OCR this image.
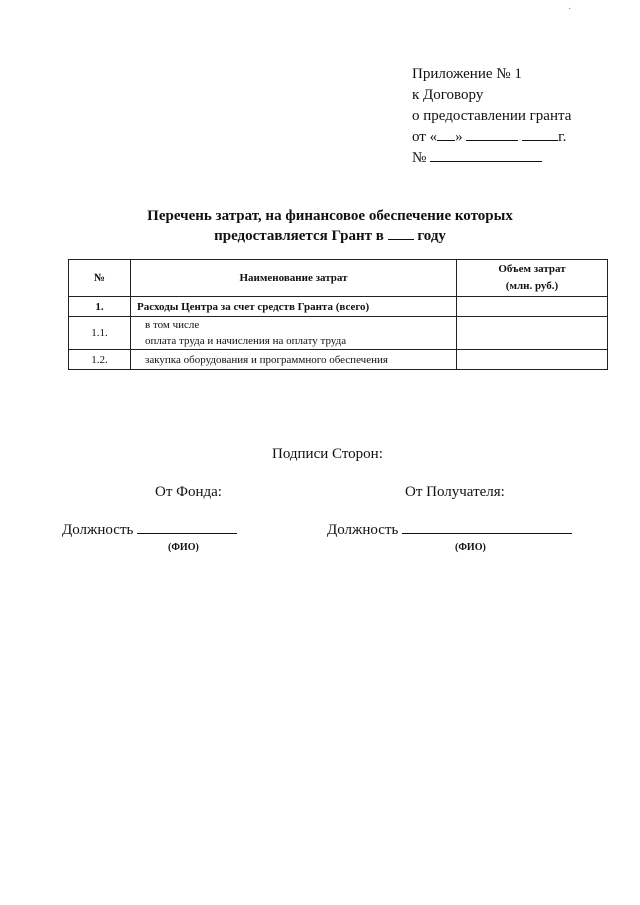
·
Приложение № 1
к Договору
о предоставлении гранта
от « »	г.
№
Перечень затрат, на финансовое обеспечение которых
предоставляется Грант в году
№	Наименование затрат	Объем затрат
(млн. руб.)

1.	Расходы Центра за счет средств Гранта (всего)	
1.1.	в том числе
оплата труда и начисления на оплату труда	

1.2.	закупка оборудования и программного обеспечения	
Подписи Сторон:
От Фонда:	От Получателя:
Должность	Должность
(ФИО)	(ФИО)
